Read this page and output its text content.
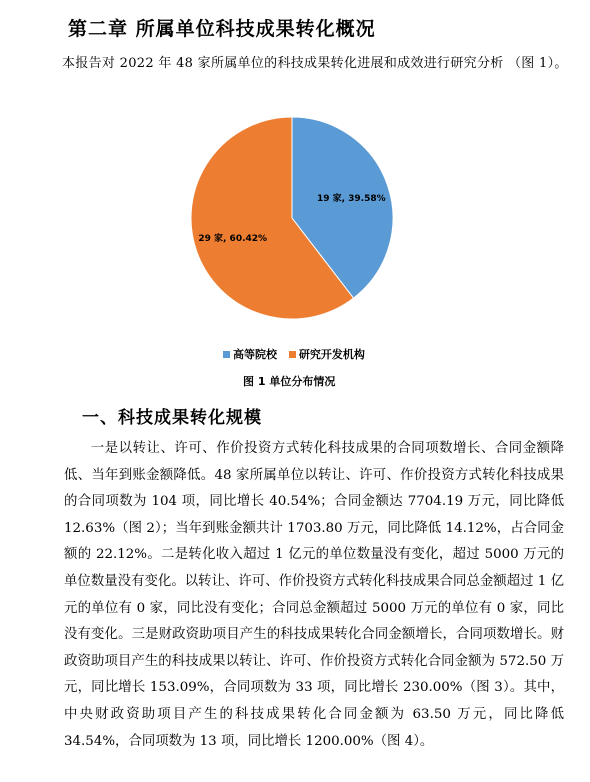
第二章 所属单位科技成果转化概况
本报告对 2022 年 48 家所属单位的科技成果转化进展和成效进行研究分析 （图 1）。
19 家, 39.58%
29 家, 60.42%
高等院校 研究开发机构
图 1 单位分布情况
一、科技成果转化规模

一是以转让、许可、作价投资方式转化科技成果的合同项数增长、合同金额降低、当年到账金额降低。48 家所属单位以转让、许可、作价投资方式转化科技成果的合同项数为 104 项，同比增长 40.54%；合同金额达 7704.19 万元，同比降低 12.63%（图 2）；当年到账金额共计 1703.80 万元，同比降低 14.12%，占合同金额的 22.12%。二是转化收入超过 1 亿元的单位数量没有变化，超过 5000 万元的单位数量没有变化。以转让、许可、作价投资方式转化科技成果合同总金额超过 1 亿元的单位有 0 家，同比没有变化；合同总金额超过 5000 万元的单位有 0 家，同比没有变化。三是财政资助项目产生的科技成果转化合同金额增长，合同项数增长。财政资助项目产生的科技成果以转让、许可、作价投资方式转化合同金额为 572.50 万元，同比增长 153.09%，合同项数为 33 项，同比增长 230.00%（图 3）。其中，中央财政资助项目产生的科技成果转化合同金额为 63.50 万元，同比降低 34.54%，合同项数为 13 项，同比增长 1200.00%（图 4）。
